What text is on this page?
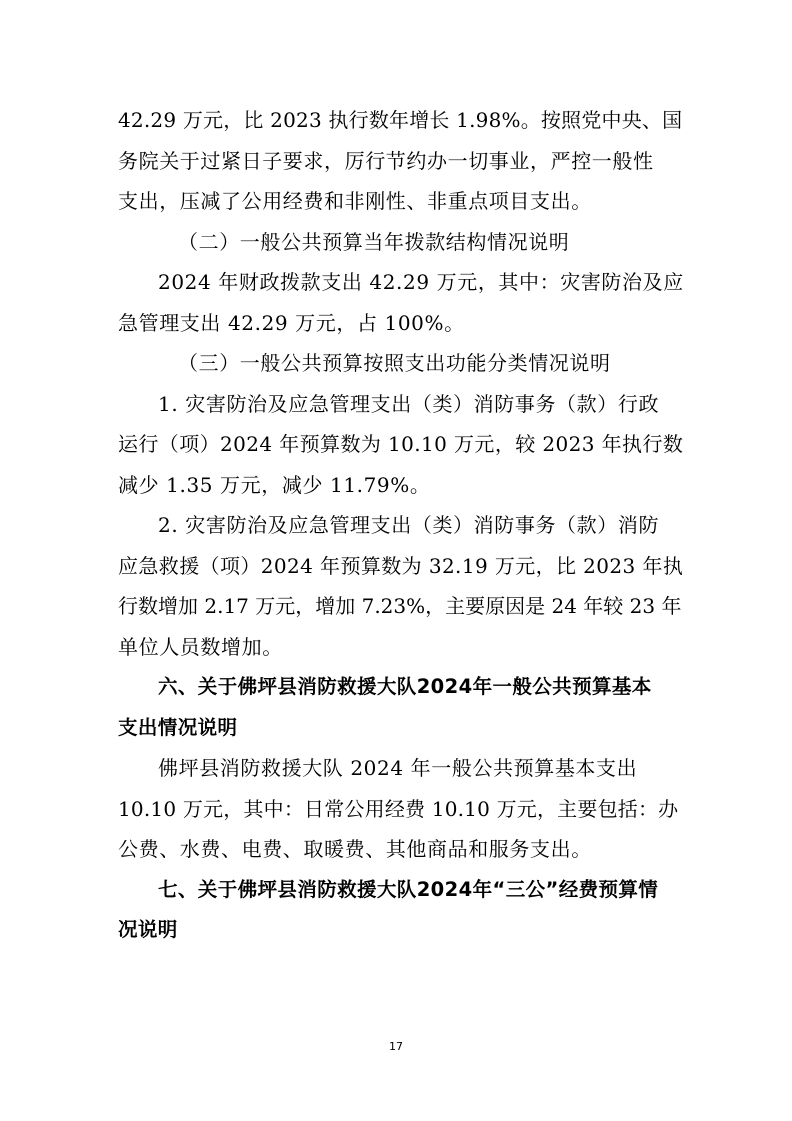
42.29 万元，比 2023 执行数年增长 1.98%。按照党中央、国
务院关于过紧日子要求，厉行节约办一切事业，严控一般性
支出，压减了公用经费和非刚性、非重点项目支出。
（二）一般公共预算当年拨款结构情况说明
2024 年财政拨款支出 42.29 万元，其中：灾害防治及应
急管理支出 42.29 万元，占 100%。
（三）一般公共预算按照支出功能分类情况说明
1. 灾害防治及应急管理支出（类）消防事务（款）行政
运行（项）2024 年预算数为 10.10 万元，较 2023 年执行数
减少 1.35 万元，减少 11.79%。
2. 灾害防治及应急管理支出（类）消防事务（款）消防
应急救援（项）2024 年预算数为 32.19 万元，比 2023 年执
行数增加 2.17 万元，增加 7.23%，主要原因是 24 年较 23 年
单位人员数增加。
六、关于佛坪县消防救援大队2024年一般公共预算基本
支出情况说明
佛坪县消防救援大队 2024 年一般公共预算基本支出
10.10 万元，其中：日常公用经费 10.10 万元，主要包括：办
公费、水费、电费、取暖费、其他商品和服务支出。
七、关于佛坪县消防救援大队2024年“三公”经费预算情
况说明
17
